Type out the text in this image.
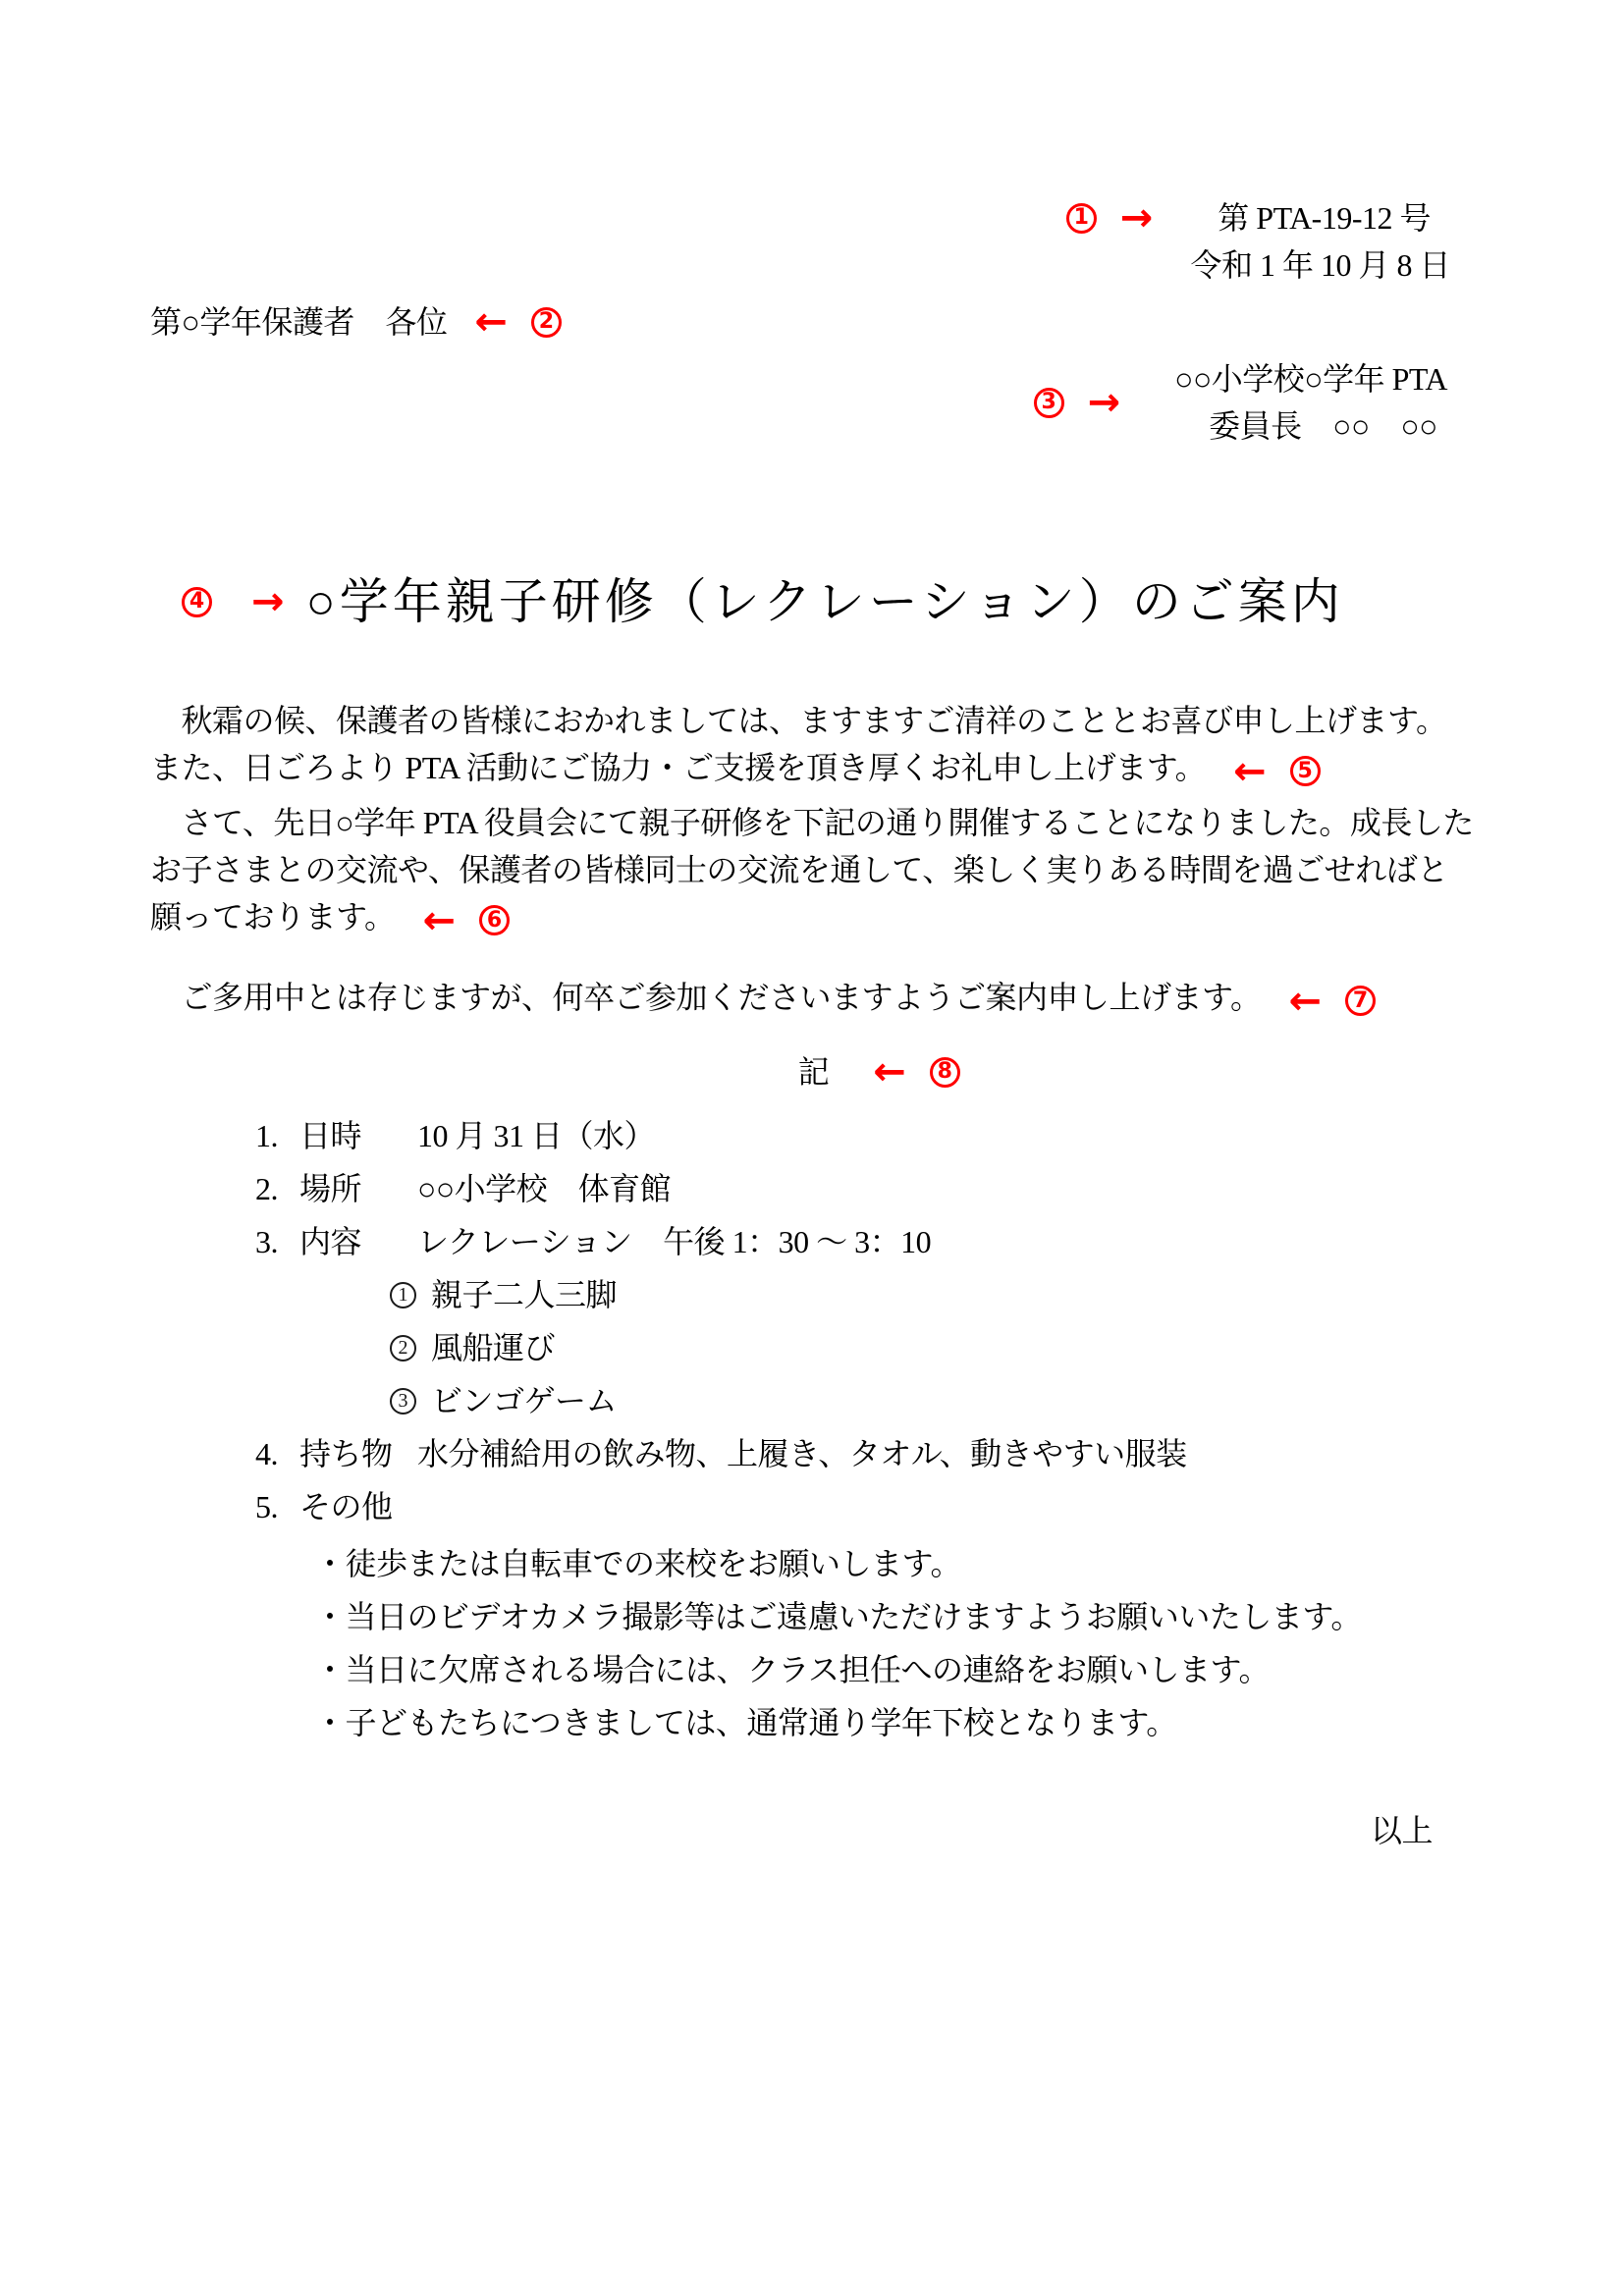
1 → 第 PTA-19-12 号
令和 1 年 10 月 8 日
第○学年保護者　各位 ←	2
3 →
○○小学校○学年 PTA
委員長　○○　○○
4 → ○学年親子研修（レクレーション）のご案内

　秋霜の候、保護者の皆様におかれましては、ますますご清祥のこととお喜び申し上げます。また、日ごろより PTA 活動にご協力・ご支援を頂き厚くお礼申し上げます。 ←	5

　さて、先日○学年 PTA 役員会にて親子研修を下記の通り開催することになりました。成長したお子さまとの交流や、保護者の皆様同士の交流を通して、楽しく実りある時間を過ごせればと願っております。 ←	6

　ご多用中とは存じますが、何卒ご参加くださいますようご案内申し上げます。 ←	7

記 ←	8
1. 日時	10 月 31 日（水）
2. 場所	○○小学校　体育館
3. 内容	レクレーション　午後 1：30 ～ 3：10
1 親子二人三脚
2 風船運び
3 ビンゴゲーム
4. 持ち物 水分補給用の飲み物、上履き、タオル、動きやすい服装
5. その他
・徒歩または自転車での来校をお願いします。
・当日のビデオカメラ撮影等はご遠慮いただけますようお願いいたします。
・当日に欠席される場合には、クラス担任への連絡をお願いします。
・子どもたちにつきましては、通常通り学年下校となります。
以上
